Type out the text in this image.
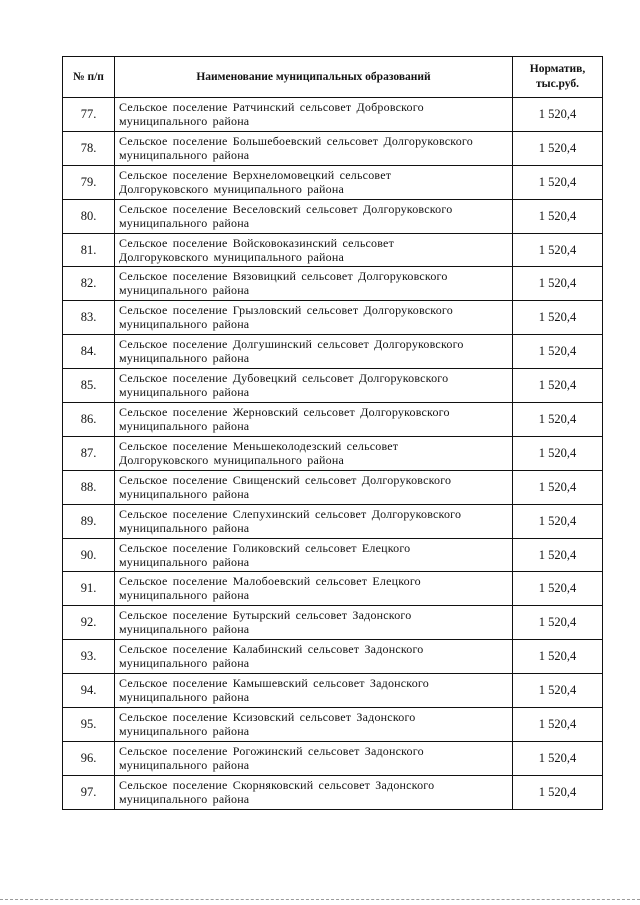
№ п/п	Наименование муниципальных образований	Норматив,
тыс.руб.
77.	Сельское поселение Ратчинский сельсовет Добровского
муниципального района	1 520,4
78.	Сельское поселение Большебоевский сельсовет Долгоруковского
муниципального района	1 520,4
79.	Сельское поселение Верхнеломовецкий сельсовет
Долгоруковского муниципального района	1 520,4
80.	Сельское поселение Веселовский сельсовет Долгоруковского
муниципального района	1 520,4
81.	Сельское поселение Войсковоказинский сельсовет
Долгоруковского муниципального района	1 520,4
82.	Сельское поселение Вязовицкий сельсовет Долгоруковского
муниципального района	1 520,4
83.	Сельское поселение Грызловский сельсовет Долгоруковского
муниципального района	1 520,4
84.	Сельское поселение Долгушинский сельсовет Долгоруковского
муниципального района	1 520,4
85.	Сельское поселение Дубовецкий сельсовет Долгоруковского
муниципального района	1 520,4
86.	Сельское поселение Жерновский сельсовет Долгоруковского
муниципального района	1 520,4
87.	Сельское поселение Меньшеколодезский сельсовет
Долгоруковского муниципального района	1 520,4
88.	Сельское поселение Свищенский сельсовет Долгоруковского
муниципального района	1 520,4
89.	Сельское поселение Слепухинский сельсовет Долгоруковского
муниципального района	1 520,4
90.	Сельское поселение Голиковский сельсовет Елецкого
муниципального района	1 520,4
91.	Сельское поселение Малобоевский сельсовет Елецкого
муниципального района	1 520,4
92.	Сельское поселение Бутырский сельсовет Задонского
муниципального района	1 520,4
93.	Сельское поселение Калабинский сельсовет Задонского
муниципального района	1 520,4
94.	Сельское поселение Камышевский сельсовет Задонского
муниципального района	1 520,4
95.	Сельское поселение Ксизовский сельсовет Задонского
муниципального района	1 520,4
96.	Сельское поселение Рогожинский сельсовет Задонского
муниципального района	1 520,4
97.	Сельское поселение Скорняковский сельсовет Задонского
муниципального района	1 520,4
